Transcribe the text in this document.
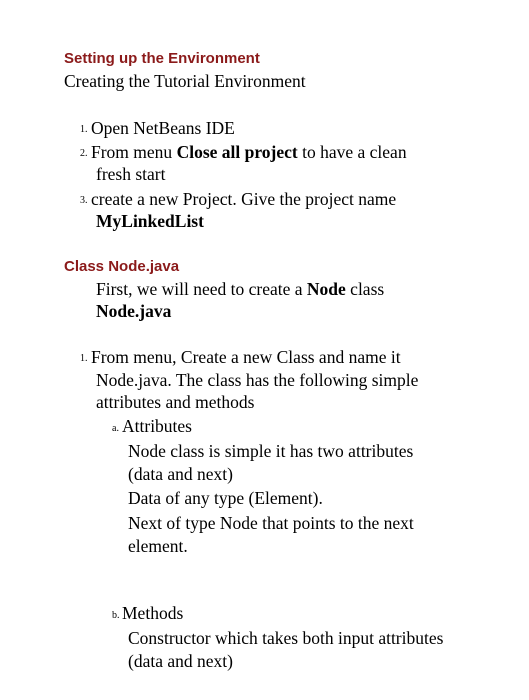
Setting up the Environment
Creating the Tutorial Environment
1. Open NetBeans IDE
2. From menu Close all project to have a clean
fresh start
3. create a new Project. Give the project name
MyLinkedList
Class Node.java
First, we will need to create a Node class
Node.java
1. From menu, Create a new Class and name it
Node.java. The class has the following simple
attributes and methods
a. Attributes
Node class is simple it has two attributes
(data and next)
Data of any type (Element).
Next of type Node that points to the next
element.
b. Methods
Constructor which takes both input attributes
(data and next)
